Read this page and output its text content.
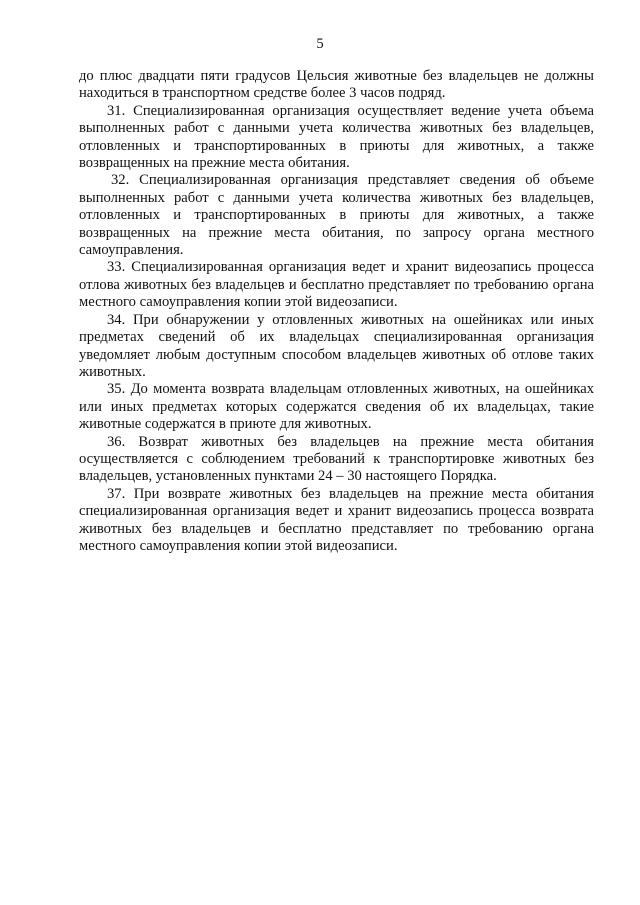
5

до плюс двадцати пяти градусов Цельсия животные без владельцев не должны находиться в транспортном средстве более 3 часов подряд.

31. Специализированная организация осуществляет ведение учета объема выполненных работ с данными учета количества животных без владельцев, отловленных и транспортированных в приюты для животных, а также возвращенных на прежние места обитания.

32. Специализированная организация представляет сведения об объеме выполненных работ с данными учета количества животных без владельцев, отловленных и транспортированных в приюты для животных, а также возвращенных на прежние места обитания, по запросу органа местного самоуправления.

33. Специализированная организация ведет и хранит видеозапись процесса отлова животных без владельцев и бесплатно представляет по требованию органа местного самоуправления копии этой видеозаписи.

34. При обнаружении у отловленных животных на ошейниках или иных предметах сведений об их владельцах специализированная организация уведомляет любым доступным способом владельцев животных об отлове таких животных.

35. До момента возврата владельцам отловленных животных, на ошейниках или иных предметах которых содержатся сведения об их владельцах, такие животные содержатся в приюте для животных.

36. Возврат животных без владельцев на прежние места обитания осуществляется с соблюдением требований к транспортировке животных без владельцев, установленных пунктами 24 – 30 настоящего Порядка.

37. При возврате животных без владельцев на прежние места обитания специализированная организация ведет и хранит видеозапись процесса возврата животных без владельцев и бесплатно представляет по требованию органа местного самоуправления копии этой видеозаписи.
